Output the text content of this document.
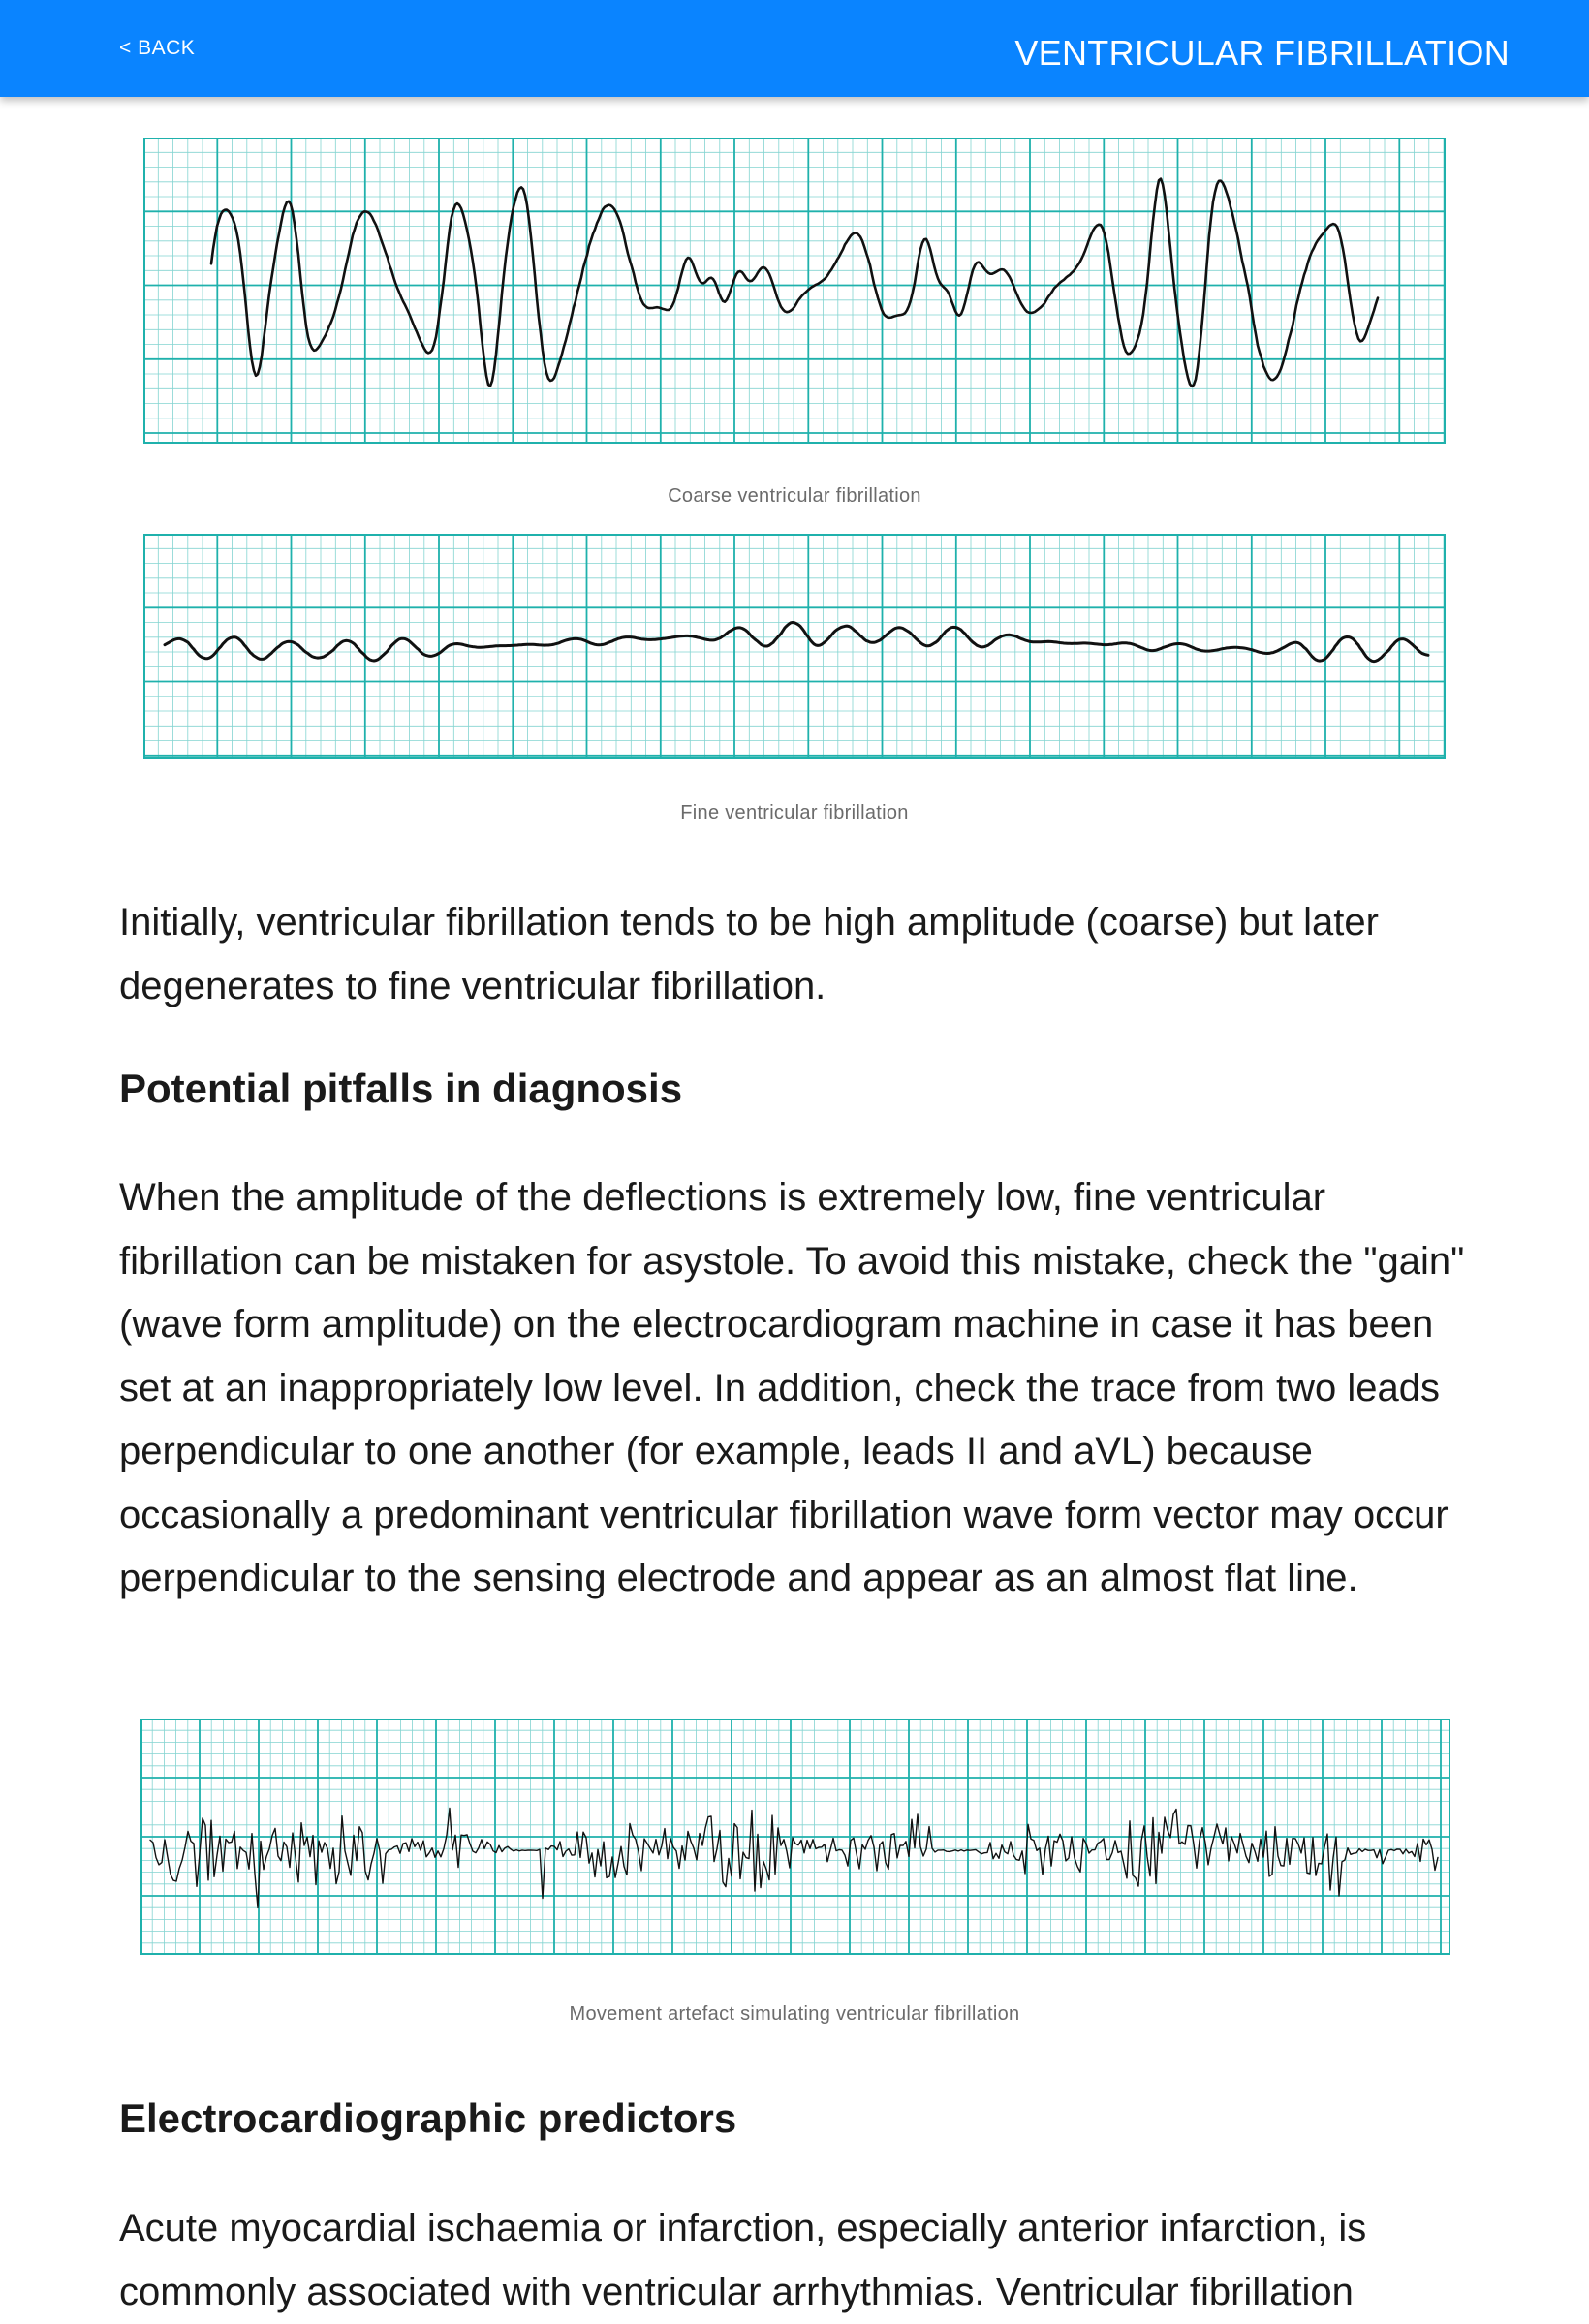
< BACK	VENTRICULAR FIBRILLATION
Coarse ventricular fibrillation
Fine ventricular fibrillation

Initially, ventricular fibrillation tends to be high amplitude (coarse) but later degenerates to fine ventricular fibrillation.

Potential pitfalls in diagnosis

When the amplitude of the deflections is extremely low, fine ventricular fibrillation can be mistaken for asystole. To avoid this mistake, check the "gain" (wave form amplitude) on the electrocardiogram machine in case it has been set at an inappropriately low level. In addition, check the trace from two leads perpendicular to one another (for example, leads II and aVL) because occasionally a predominant ventricular fibrillation wave form vector may occur perpendicular to the sensing electrode and appear as an almost flat line.

Movement artefact simulating ventricular fibrillation
Electrocardiographic predictors

Acute myocardial ischaemia or infarction, especially anterior infarction, is commonly associated with ventricular arrhythmias. Ventricular fibrillation
